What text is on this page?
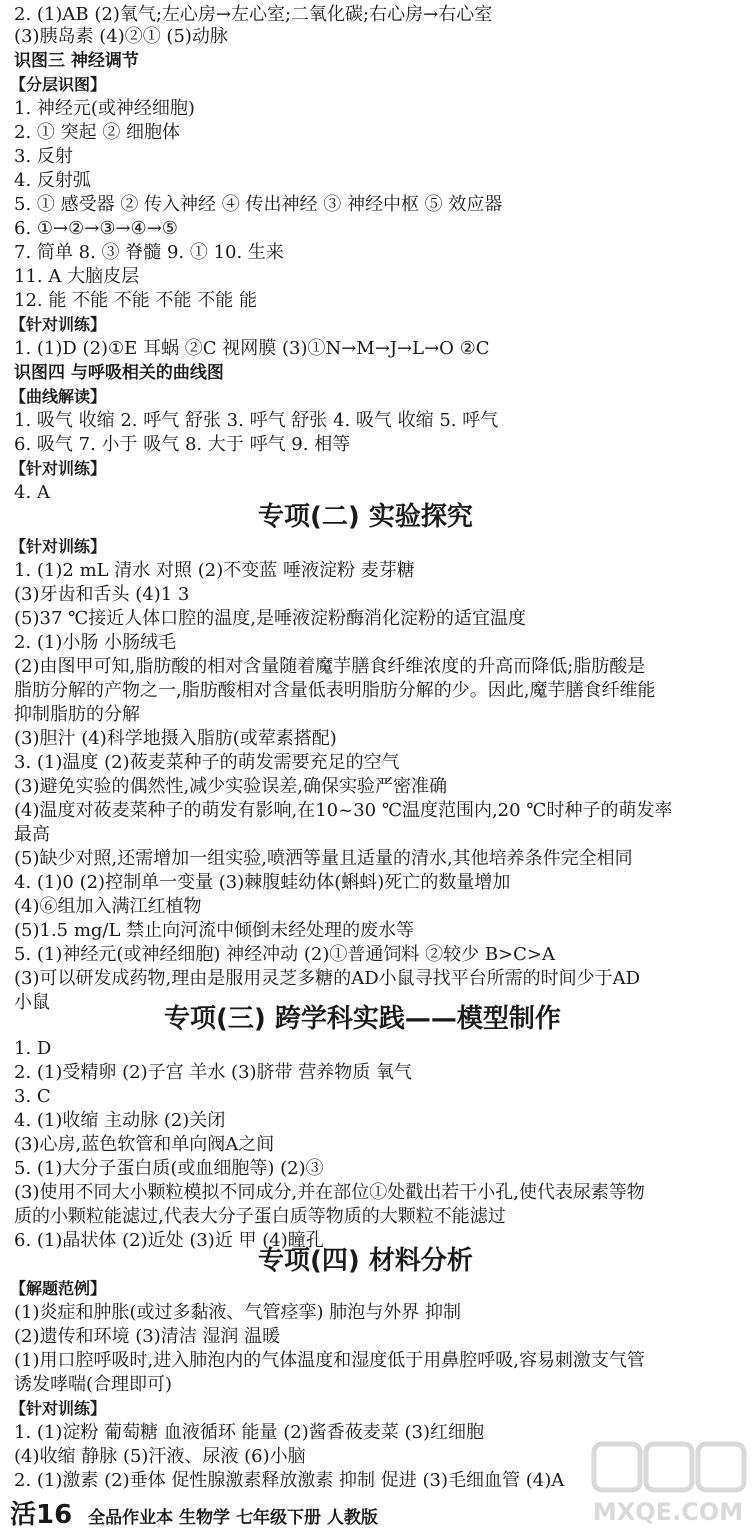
2. (1)AB (2)氧气;左心房→左心室;二氧化碳;右心房→右心室
(3)胰岛素 (4)②① (5)动脉
识图三 神经调节
【分层识图】
1. 神经元(或神经细胞)
2. ① 突起 ② 细胞体
3. 反射
4. 反射弧
5. ① 感受器 ② 传入神经 ④ 传出神经 ③ 神经中枢 ⑤ 效应器
6. ①→②→③→④→⑤
7. 简单 8. ③ 脊髓 9. ① 10. 生来
11. A 大脑皮层
12. 能 不能 不能 不能 不能 能
【针对训练】
1. (1)D (2)①E 耳蜗 ②C 视网膜 (3)①N→M→J→L→O ②C
识图四 与呼吸相关的曲线图
【曲线解读】
1. 吸气 收缩 2. 呼气 舒张 3. 呼气 舒张 4. 吸气 收缩 5. 呼气
6. 吸气 7. 小于 吸气 8. 大于 呼气 9. 相等
【针对训练】
4. A
专项(二) 实验探究
【针对训练】
1. (1)2 mL 清水 对照 (2)不变蓝 唾液淀粉 麦芽糖
(3)牙齿和舌头 (4)1 3
(5)37 ℃接近人体口腔的温度,是唾液淀粉酶消化淀粉的适宜温度
2. (1)小肠 小肠绒毛
(2)由图甲可知,脂肪酸的相对含量随着魔芋膳食纤维浓度的升高而降低;脂肪酸是
脂肪分解的产物之一,脂肪酸相对含量低表明脂肪分解的少。因此,魔芋膳食纤维能
抑制脂肪的分解
(3)胆汁 (4)科学地摄入脂肪(或荤素搭配)
3. (1)温度 (2)莜麦菜种子的萌发需要充足的空气
(3)避免实验的偶然性,减少实验误差,确保实验严密准确
(4)温度对莜麦菜种子的萌发有影响,在10~30 ℃温度范围内,20 ℃时种子的萌发率
最高
(5)缺少对照,还需增加一组实验,喷洒等量且适量的清水,其他培养条件完全相同
4. (1)0 (2)控制单一变量 (3)棘腹蛙幼体(蝌蚪)死亡的数量增加
(4)⑥组加入满江红植物
(5)1.5 mg/L 禁止向河流中倾倒未经处理的废水等
5. (1)神经元(或神经细胞) 神经冲动 (2)①普通饲料 ②较少 B>C>A
(3)可以研发成药物,理由是服用灵芝多糖的AD小鼠寻找平台所需的时间少于AD
小鼠
专项(三) 跨学科实践——模型制作
1. D
2. (1)受精卵 (2)子宫 羊水 (3)脐带 营养物质 氧气
3. C
4. (1)收缩 主动脉 (2)关闭
(3)心房,蓝色软管和单向阀A之间
5. (1)大分子蛋白质(或血细胞等) (2)③
(3)使用不同大小颗粒模拟不同成分,并在部位①处戳出若干小孔,使代表尿素等物
质的小颗粒能滤过,代表大分子蛋白质等物质的大颗粒不能滤过
6. (1)晶状体 (2)近处 (3)近 甲 (4)瞳孔
专项(四) 材料分析
【解题范例】
(1)炎症和肿胀(或过多黏液、气管痉挛) 肺泡与外界 抑制
(2)遗传和环境 (3)清洁 湿润 温暖
(1)用口腔呼吸时,进入肺泡内的气体温度和湿度低于用鼻腔呼吸,容易刺激支气管
诱发哮喘(合理即可)
【针对训练】
1. (1)淀粉 葡萄糖 血液循环 能量 (2)酱香莜麦菜 (3)红细胞
(4)收缩 静脉 (5)汗液、尿液 (6)小脑
2. (1)激素 (2)垂体 促性腺激素释放激素 抑制 促进 (3)毛细血管 (4)A
MXQE.COM
活16 全品作业本 生物学 七年级下册 人教版
